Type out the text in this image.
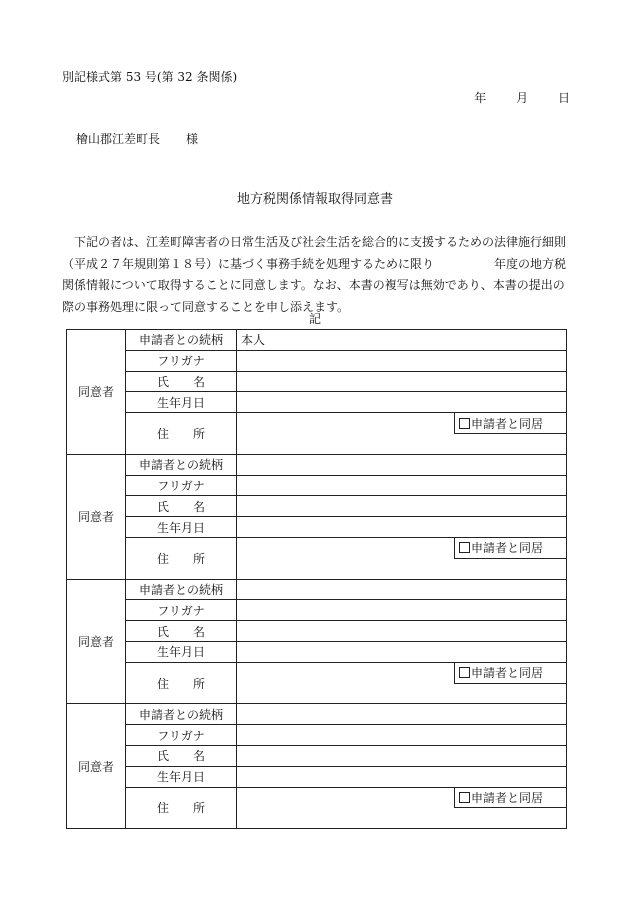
別記様式第 53 号(第 32 条関係)
年 月 日
檜山郡江差町長 様
地方税関係情報取得同意書
下記の者は、江差町障害者の日常生活及び社会生活を総合的に支援するための法律施行細則（平成２７年規則第１８号）に基づく事務手続を処理するために限り　　　　　年度の地方税関係情報について取得することに同意します。なお、本書の複写は無効であり、本書の提出の際の事務処理に限って同意することを申し添えます。
記
同意者	申請者との続柄	本人	
	フリガナ		
	氏　　名		
	生年月日		
	住　　所		申請者と同居

同意者	申請者との続柄		
	フリガナ		
	氏　　名		
	生年月日		
	住　　所		申請者と同居

同意者	申請者との続柄		
	フリガナ		
	氏　　名		
	生年月日		
	住　　所		申請者と同居

同意者	申請者との続柄		
	フリガナ		
	氏　　名		
	生年月日		
	住　　所		申請者と同居
